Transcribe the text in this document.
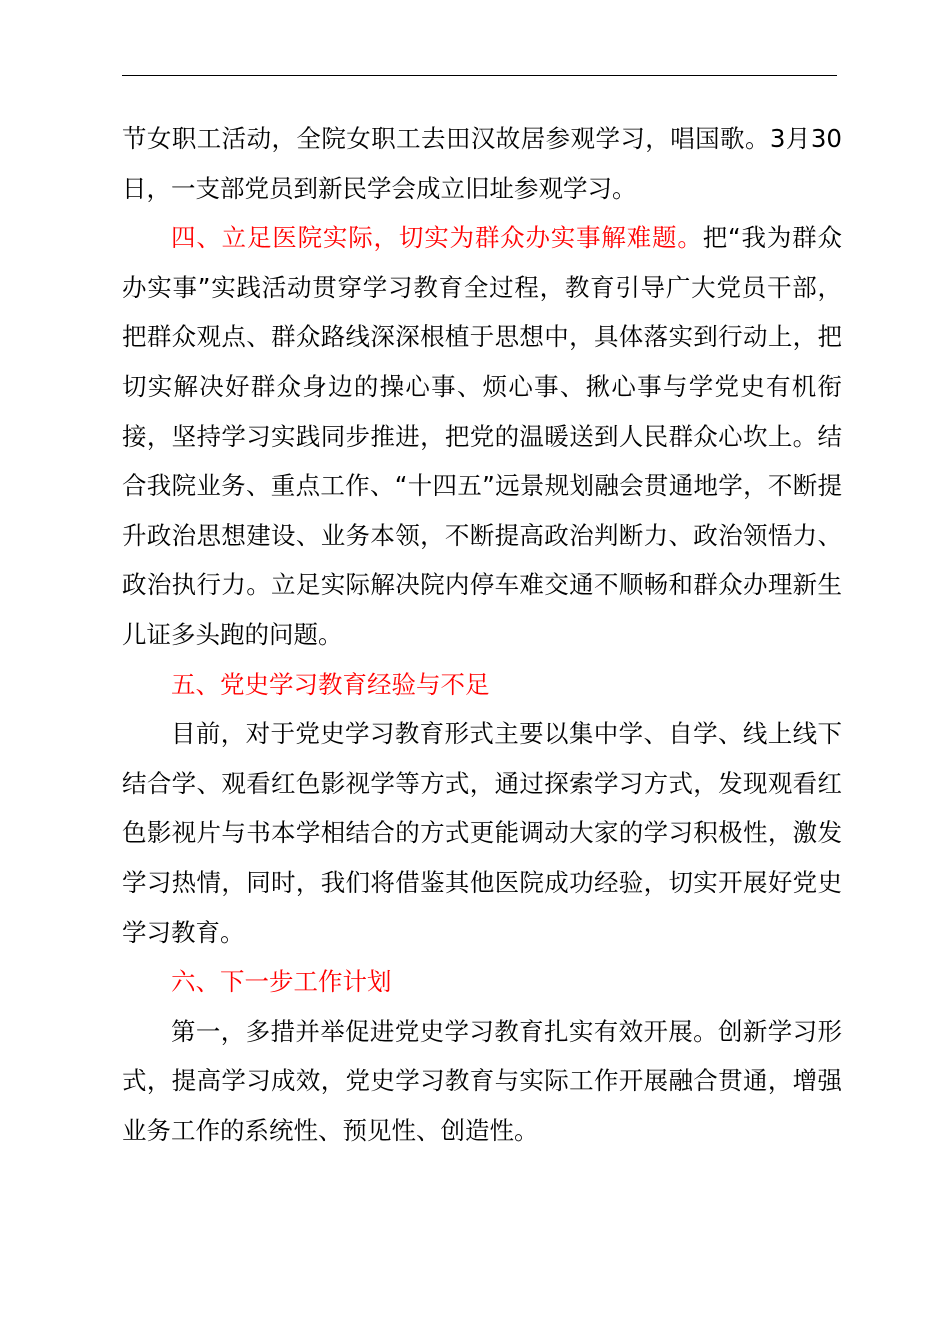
节女职工活动，全院女职工去田汉故居参观学习，唱国歌。3月30日，一支部党员到新民学会成立旧址参观学习。

四、立足医院实际，切实为群众办实事解难题。把“我为群众办实事”实践活动贯穿学习教育全过程，教育引导广大党员干部，把群众观点、群众路线深深根植于思想中，具体落实到行动上，把切实解决好群众身边的操心事、烦心事、揪心事与学党史有机衔接，坚持学习实践同步推进，把党的温暖送到人民群众心坎上。结合我院业务、重点工作、“十四五”远景规划融会贯通地学，不断提升政治思想建设、业务本领，不断提高政治判断力、政治领悟力、政治执行力。立足实际解决院内停车难交通不顺畅和群众办理新生儿证多头跑的问题。

五、党史学习教育经验与不足

目前，对于党史学习教育形式主要以集中学、自学、线上线下结合学、观看红色影视学等方式，通过探索学习方式，发现观看红色影视片与书本学相结合的方式更能调动大家的学习积极性，激发学习热情，同时，我们将借鉴其他医院成功经验，切实开展好党史学习教育。

六、下一步工作计划

第一，多措并举促进党史学习教育扎实有效开展。创新学习形式，提高学习成效，党史学习教育与实际工作开展融合贯通，增强业务工作的系统性、预见性、创造性。
